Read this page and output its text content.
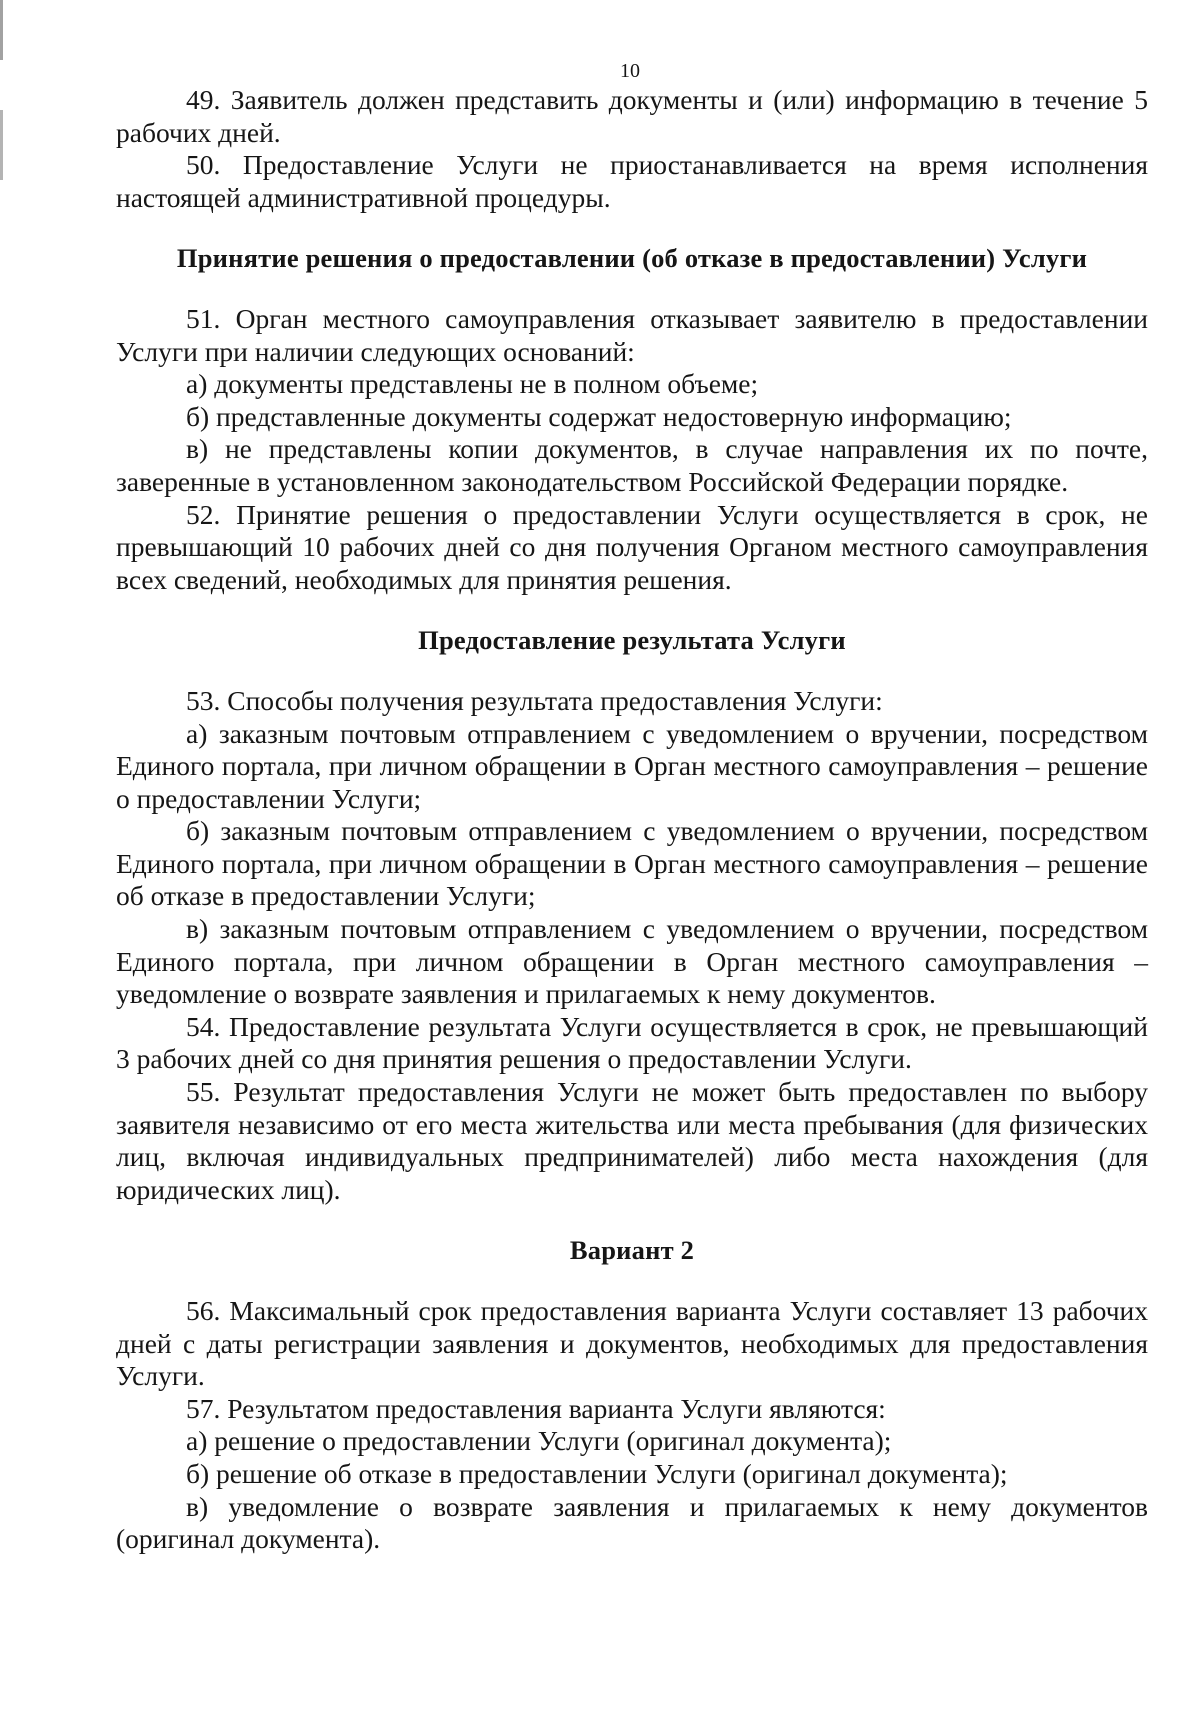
10

49. Заявитель должен представить документы и (или) информацию в течение 5 рабочих дней.

50. Предоставление Услуги не приостанавливается на время исполнения настоящей административной процедуры.

Принятие решения о предоставлении (об отказе в предоставлении) Услуги

51. Орган местного самоуправления отказывает заявителю в предоставлении Услуги при наличии следующих оснований:

а) документы представлены не в полном объеме;

б) представленные документы содержат недостоверную информацию;

в) не представлены копии документов, в случае направления их по почте, заверенные в установленном законодательством Российской Федерации порядке.

52. Принятие решения о предоставлении Услуги осуществляется в срок, не превышающий 10 рабочих дней со дня получения Органом местного самоуправления всех сведений, необходимых для принятия решения.

Предоставление результата Услуги

53. Способы получения результата предоставления Услуги:

а) заказным почтовым отправлением с уведомлением о вручении, посредством Единого портала, при личном обращении в Орган местного самоуправления – решение о предоставлении Услуги;

б) заказным почтовым отправлением с уведомлением о вручении, посредством Единого портала, при личном обращении в Орган местного самоуправления – решение об отказе в предоставлении Услуги;

в) заказным почтовым отправлением с уведомлением о вручении, посредством Единого портала, при личном обращении в Орган местного самоуправления – уведомление о возврате заявления и прилагаемых к нему документов.

54. Предоставление результата Услуги осуществляется в срок, не превышающий 3 рабочих дней со дня принятия решения о предоставлении Услуги.

55. Результат предоставления Услуги не может быть предоставлен по выбору заявителя независимо от его места жительства или места пребывания (для физических лиц, включая индивидуальных предпринимателей) либо места нахождения (для юридических лиц).

Вариант 2

56. Максимальный срок предоставления варианта Услуги составляет 13 рабочих дней с даты регистрации заявления и документов, необходимых для предоставления Услуги.

57. Результатом предоставления варианта Услуги являются:

а) решение о предоставлении Услуги (оригинал документа);

б) решение об отказе в предоставлении Услуги (оригинал документа);

в) уведомление о возврате заявления и прилагаемых к нему документов (оригинал документа).
